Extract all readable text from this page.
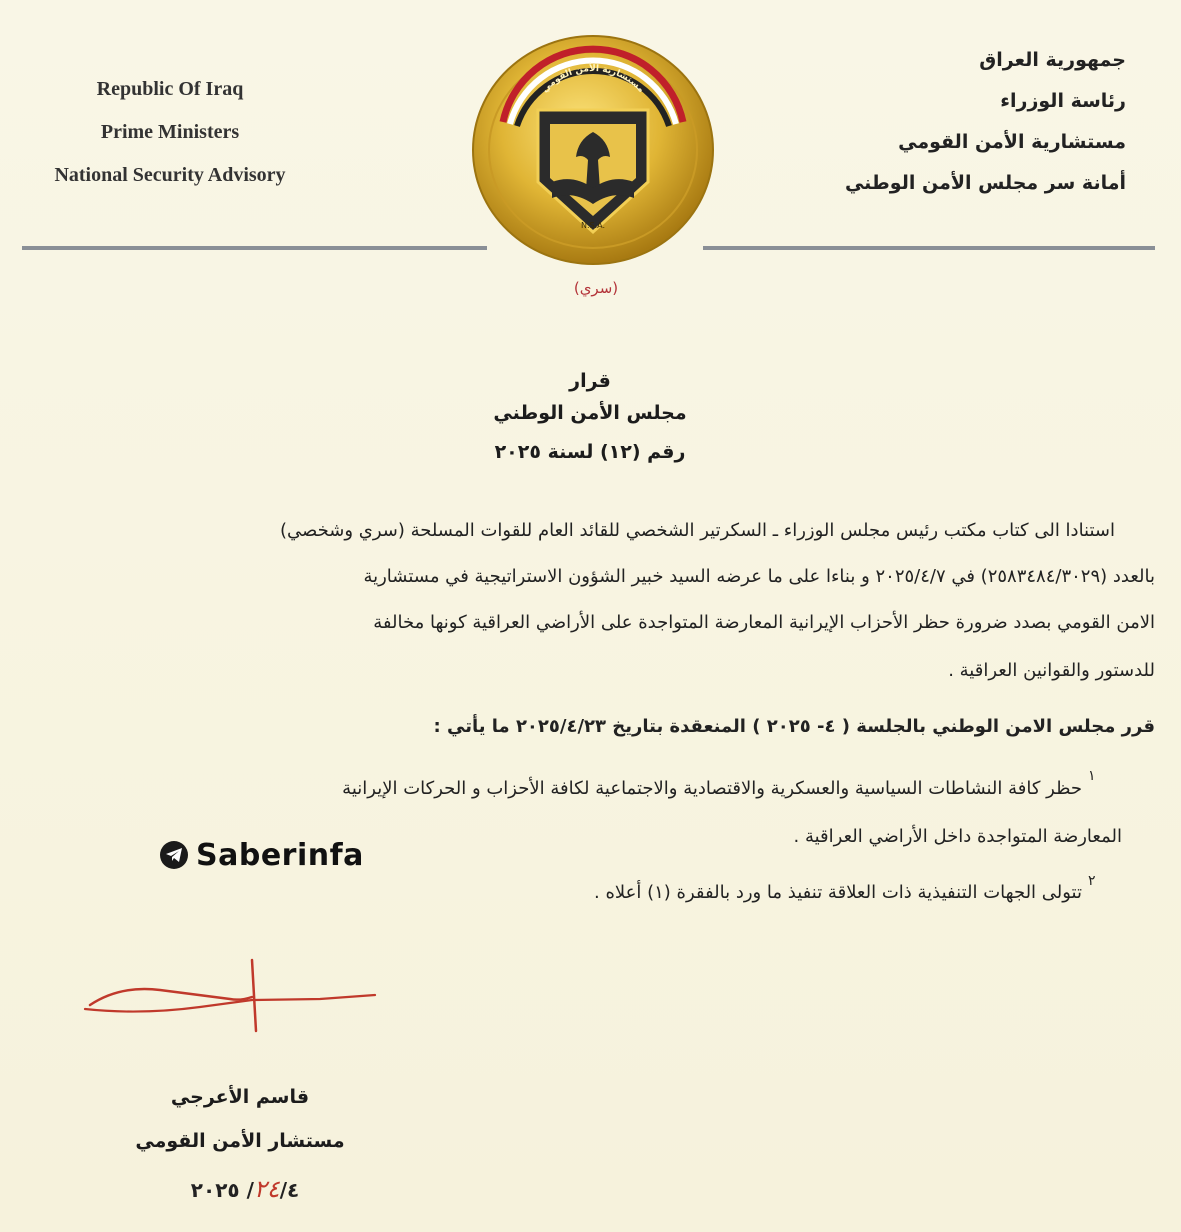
Republic Of Iraq
Prime Ministers
National Security Advisory
جمهورية العراق
رئاسة الوزراء
مستشارية الأمن القومي
أمانة سر مجلس الأمن الوطني
مستشارية الأمن القومي
N.S.A.
(سري)
قرار
مجلس الأمن الوطني
رقم (١٢) لسنة ٢٠٢٥
استنادا الى كتاب مكتب رئيس مجلس الوزراء ـ السكرتير الشخصي للقائد العام للقوات المسلحة (سري وشخصي)
بالعدد (٢٥٨٣٤٨٤/٣٠٢٩) في ٢٠٢٥/٤/٧ و بناءا على ما عرضه السيد خبير الشؤون الاستراتيجية في مستشارية
الامن القومي بصدد ضرورة حظر الأحزاب الإيرانية المعارضة المتواجدة على الأراضي العراقية كونها مخالفة
للدستور والقوانين العراقية .
قرر مجلس الامن الوطني بالجلسة ( ٤- ٢٠٢٥ ) المنعقدة بتاريخ ٢٠٢٥/٤/٢٣ ما يأتي :
١
حظر كافة النشاطات السياسية والعسكرية والاقتصادية والاجتماعية لكافة الأحزاب و الحركات الإيرانية
المعارضة المتواجدة داخل الأراضي العراقية .
٢
تتولى الجهات التنفيذية ذات العلاقة تنفيذ ما ورد بالفقرة (١) أعلاه .
Saberinfa
قاسم الأعرجي
مستشار الأمن القومي
٢٤/٤/ ٢٠٢٥
